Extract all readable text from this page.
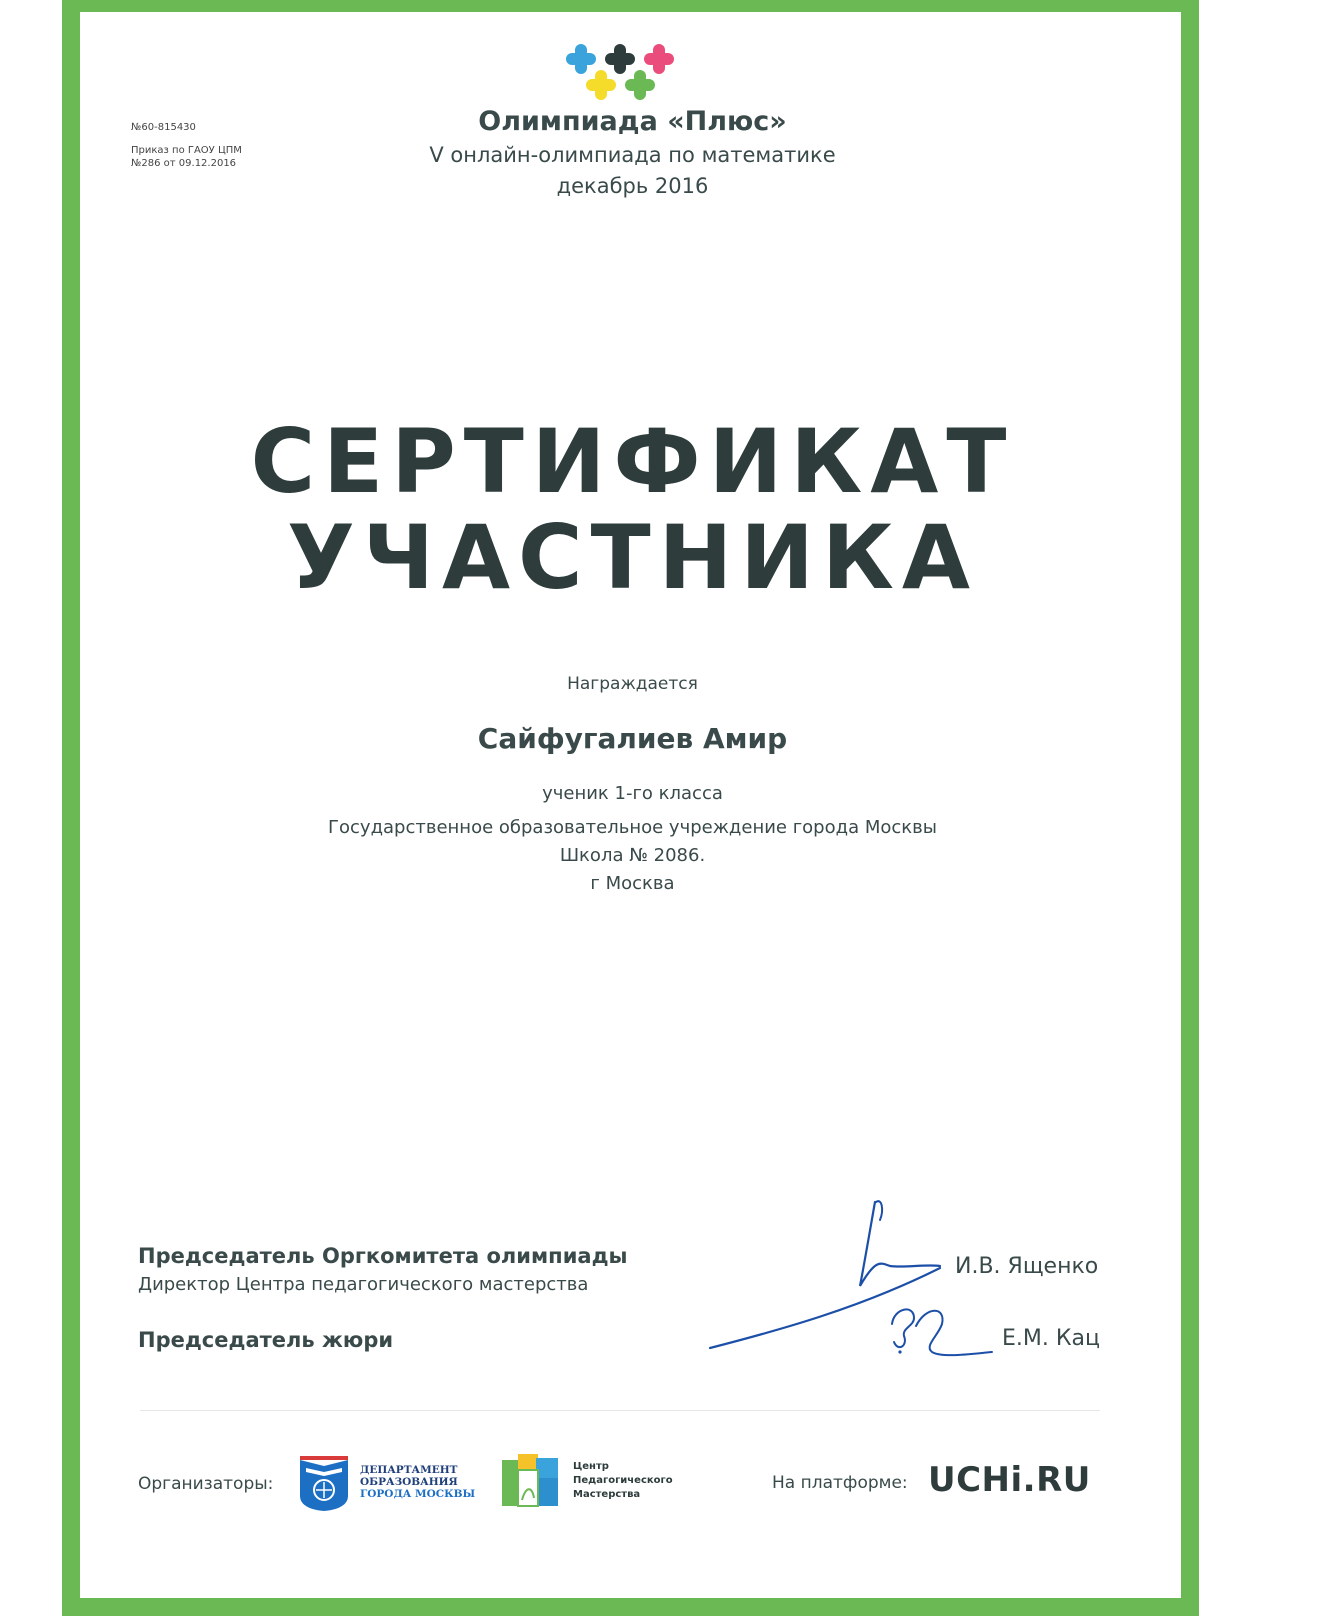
№60-815430
Приказ по ГАОУ ЦПМ
№286 от 09.12.2016
Олимпиада «Плюс»
V онлайн-олимпиада по математике
декабрь 2016
СЕРТИФИКАТ
УЧАСТНИКА
Награждается
Сайфугалиев Амир
ученик 1-го класса
Государственное образовательное учреждение города Москвы
Школа № 2086.
г Москва
Председатель Оргкомитета олимпиады
Директор Центра педагогического мастерства
Председатель жюри
И.В. Ященко
Е.М. Кац
Организаторы:
ДЕПАРТАМЕНТ
ОБРАЗОВАНИЯ
ГОРОДА МОСКВЫ
Центр
Педагогического
Мастерства
На платформе: UCHi.RU
